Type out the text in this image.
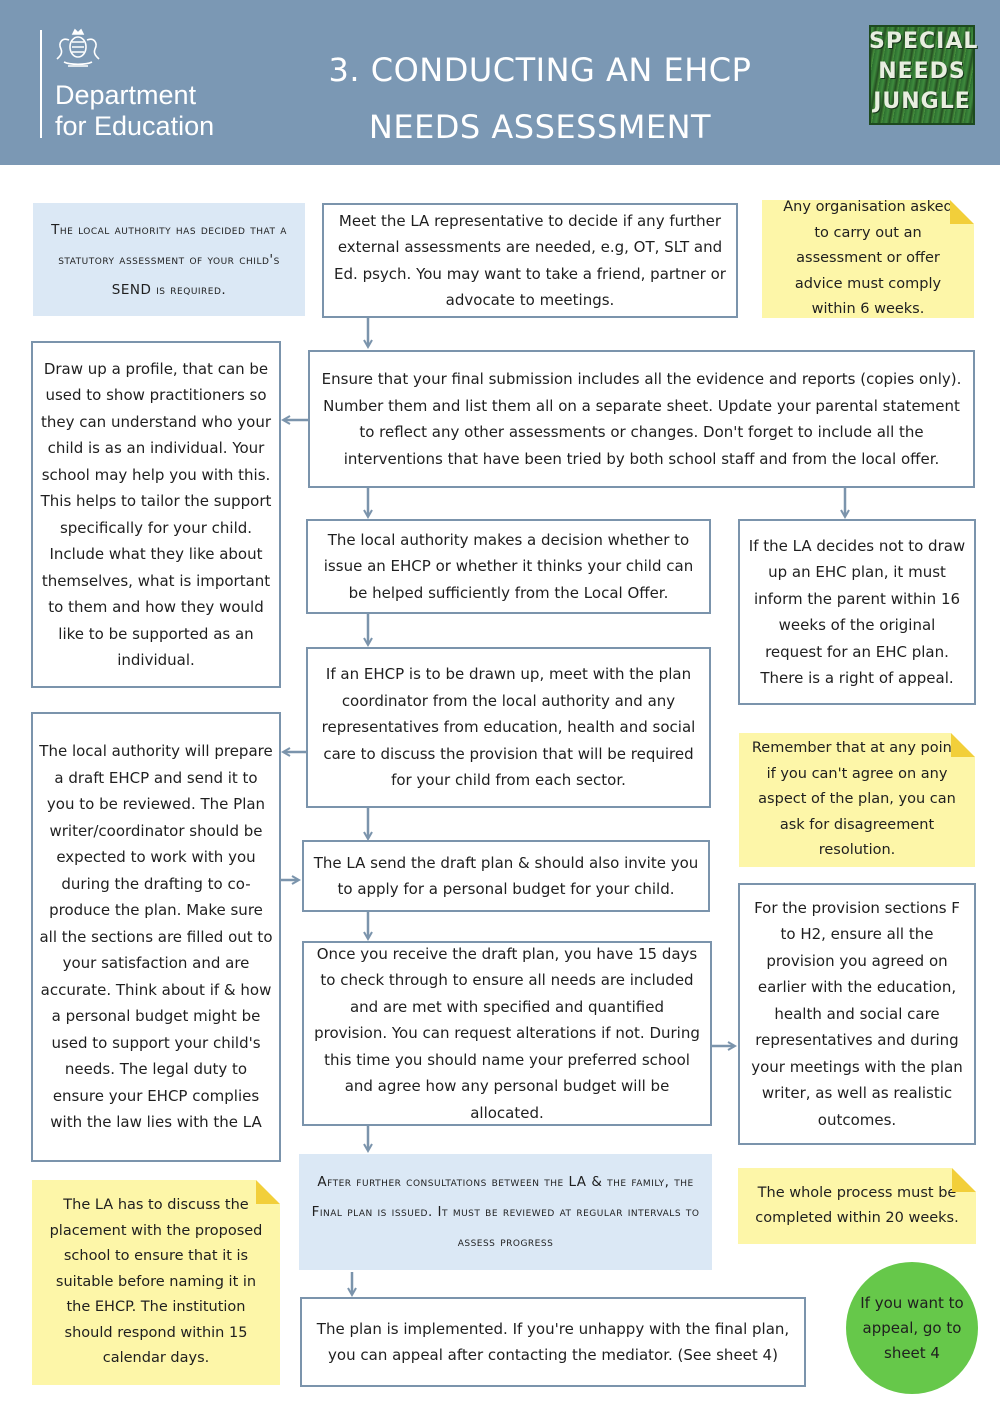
Department
for Education
3. CONDUCTING AN EHCP
NEEDS ASSESSMENT
SPECIAL
NEEDS
JUNGLE
The local authority has decided that a statutory assessment of your child's SEND is required.
Meet the LA representative to decide if any further external assessments are needed, e.g, OT, SLT and Ed. psych. You may want to take a friend, partner or advocate to meetings.
Any organisation asked to carry out an assessment or offer advice must comply within 6 weeks.
Draw up a profile, that can be used to show practitioners so they can understand who your child is as an individual. Your school may help you with this. This helps to tailor the support specifically for your child. Include what they like about themselves, what is important to them and how they would like to be supported as an individual.
Ensure that your final submission includes all the evidence and reports (copies only). Number them and list them all on a separate sheet. Update your parental statement to reflect any other assessments or changes. Don't forget to include all the interventions that have been tried by both school staff and from the local offer.
The local authority makes a decision whether to issue an EHCP or whether it thinks your child can be helped sufficiently from the Local Offer.
If the LA decides not to draw up an EHC plan, it must inform the parent within 16 weeks of the original request for an EHC plan. There is a right of appeal.
If an EHCP is to be drawn up, meet with the plan coordinator from the local authority and any representatives from education, health and social care to discuss the provision that will be required for your child from each sector.
The local authority will prepare a draft EHCP and send it to you to be reviewed. The Plan writer/coordinator should be expected to work with you during the drafting to co-produce the plan. Make sure all the sections are filled out to your satisfaction and are accurate. Think about if & how a personal budget might be used to support your child's needs. The legal duty to ensure your EHCP complies with the law lies with the LA
Remember that at any point, if you can't agree on any aspect of the plan, you can ask for disagreement resolution.
The LA send the draft plan & should also invite you to apply for a personal budget for your child.
For the provision sections F to H2, ensure all the provision you agreed on earlier with the education, health and social care representatives and during your meetings with the plan writer, as well as realistic outcomes.
Once you receive the draft plan, you have 15 days to check through to ensure all needs are included and are met with specified and quantified provision. You can request alterations if not. During this time you should name your preferred school and agree how any personal budget will be allocated.
The LA has to discuss the placement with the proposed school to ensure that it is suitable before naming it in the EHCP. The institution should respond within 15 calendar days.
After further consultations between the LA & the family, the Final plan is issued. It must be reviewed at regular intervals to assess progress
The whole process must be completed within 20 weeks.
The plan is implemented. If you're unhappy with the final plan, you can appeal after contacting the mediator. (See sheet 4)
If you want to appeal, go to sheet 4
